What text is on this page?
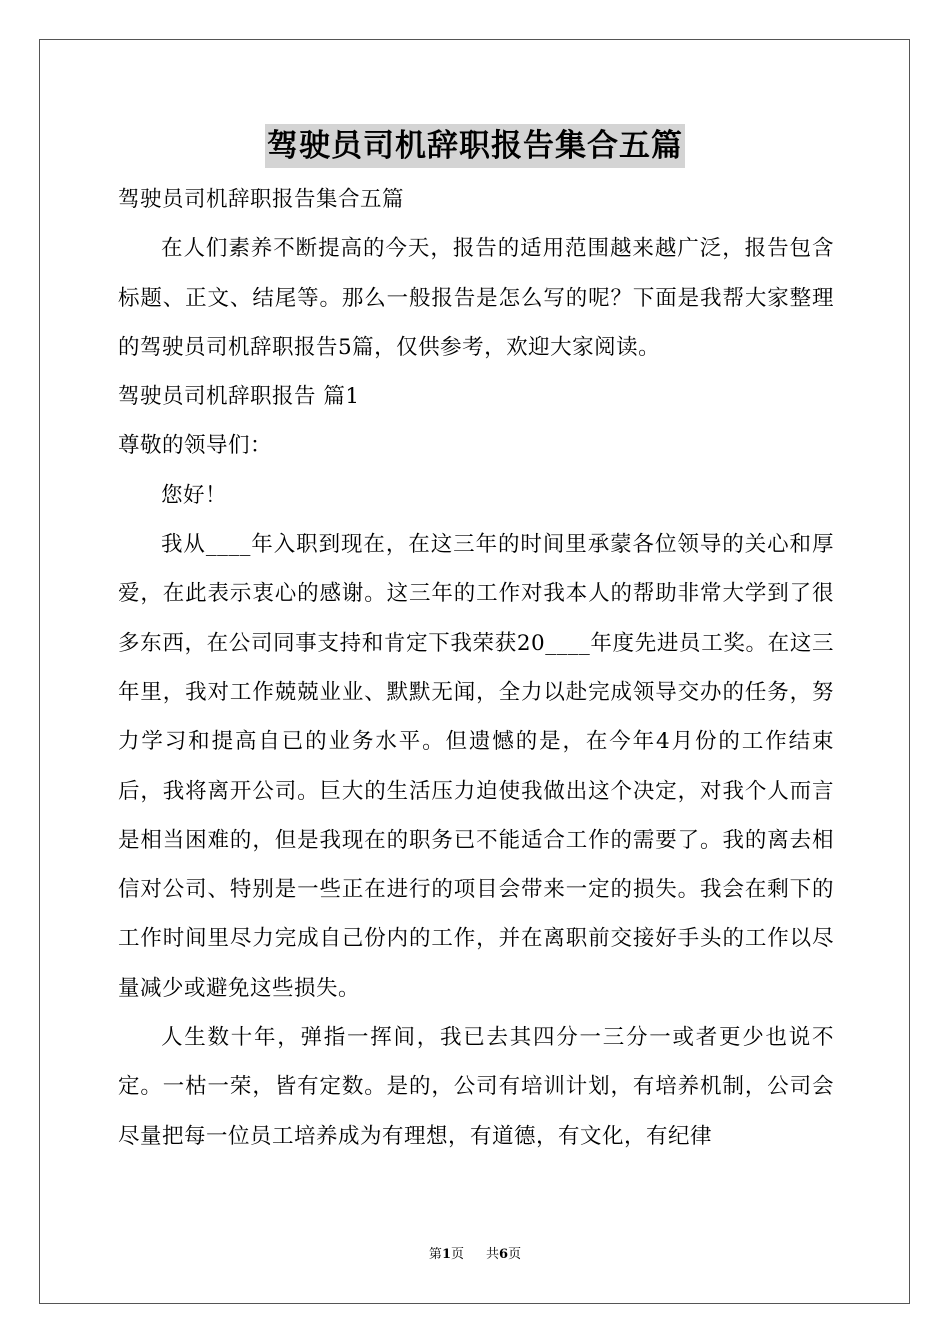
驾驶员司机辞职报告集合五篇

驾驶员司机辞职报告集合五篇

在人们素养不断提高的今天，报告的适用范围越来越广泛，报告包含标题、正文、结尾等。那么一般报告是怎么写的呢？下面是我帮大家整理的驾驶员司机辞职报告5篇，仅供参考，欢迎大家阅读。

驾驶员司机辞职报告 篇1

尊敬的领导们：

您好！

我从____年入职到现在，在这三年的时间里承蒙各位领导的关心和厚爱，在此表示衷心的感谢。这三年的工作对我本人的帮助非常大学到了很多东西，在公司同事支持和肯定下我荣获20____年度先进员工奖。在这三年里，我对工作兢兢业业、默默无闻，全力以赴完成领导交办的任务，努力学习和提高自已的业务水平。但遗憾的是，在今年4月份的工作结束后，我将离开公司。巨大的生活压力迫使我做出这个决定，对我个人而言是相当困难的，但是我现在的职务已不能适合工作的需要了。我的离去相信对公司、特别是一些正在进行的项目会带来一定的损失。我会在剩下的工作时间里尽力完成自己份内的工作，并在离职前交接好手头的工作以尽量减少或避免这些损失。

人生数十年，弹指一挥间，我已去其四分一三分一或者更少也说不定。一枯一荣，皆有定数。是的，公司有培训计划，有培养机制，公司会尽量把每一位员工培养成为有理想，有道德，有文化，有纪律

第1页 共6页
